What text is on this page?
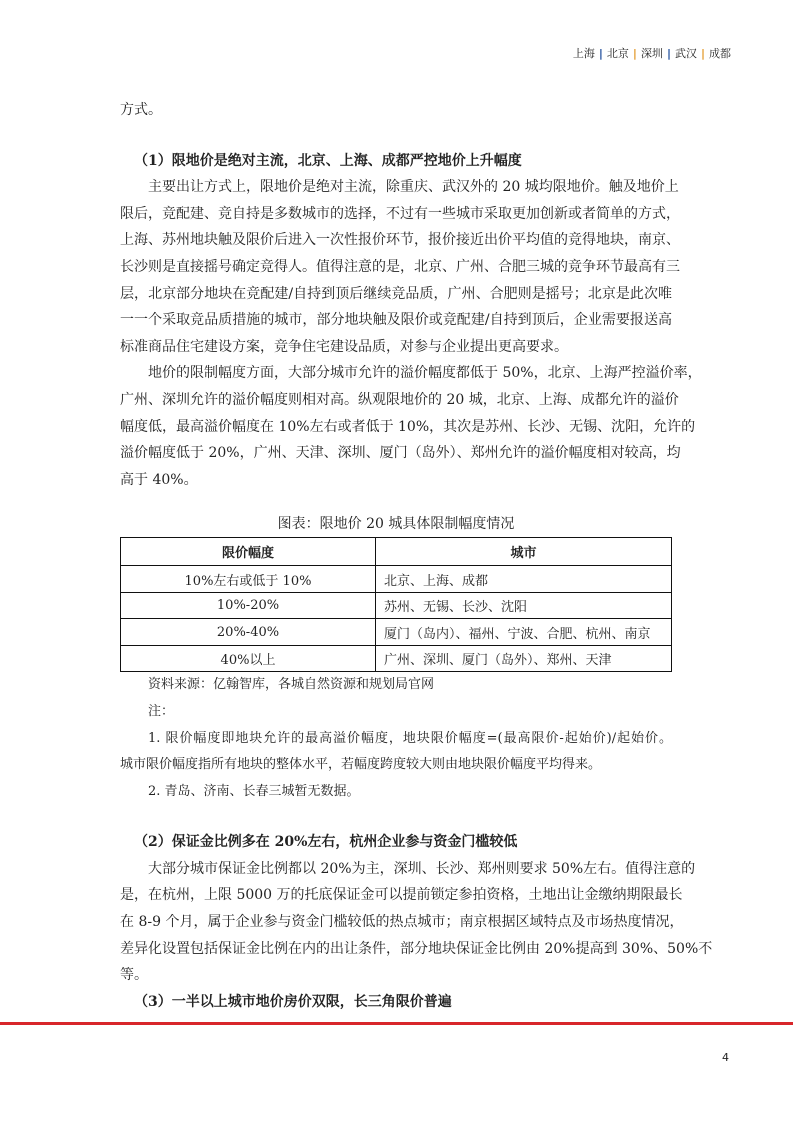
上海 | 北京 | 深圳 | 武汉 | 成都
方式。
（1）限地价是绝对主流，北京、上海、成都严控地价上升幅度
主要出让方式上，限地价是绝对主流，除重庆、武汉外的 20 城均限地价。触及地价上
限后，竞配建、竞自持是多数城市的选择，不过有一些城市采取更加创新或者简单的方式，
上海、苏州地块触及限价后进入一次性报价环节，报价接近出价平均值的竞得地块，南京、
长沙则是直接摇号确定竞得人。值得注意的是，北京、广州、合肥三城的竞争环节最高有三
层，北京部分地块在竞配建/自持到顶后继续竞品质，广州、合肥则是摇号；北京是此次唯
一一个采取竞品质措施的城市，部分地块触及限价或竞配建/自持到顶后，企业需要报送高
标准商品住宅建设方案，竞争住宅建设品质，对参与企业提出更高要求。
地价的限制幅度方面，大部分城市允许的溢价幅度都低于 50%，北京、上海严控溢价率，
广州、深圳允许的溢价幅度则相对高。纵观限地价的 20 城，北京、上海、成都允许的溢价
幅度低，最高溢价幅度在 10%左右或者低于 10%，其次是苏州、长沙、无锡、沈阳，允许的
溢价幅度低于 20%，广州、天津、深圳、厦门（岛外）、郑州允许的溢价幅度相对较高，均
高于 40%。
图表：限地价 20 城具体限制幅度情况
限价幅度	城市
10%左右或低于 10%	北京、上海、成都
10%-20%	苏州、无锡、长沙、沈阳
20%-40%	厦门（岛内）、福州、宁波、合肥、杭州、南京
40%以上	广州、深圳、厦门（岛外）、郑州、天津
资料来源：亿翰智库，各城自然资源和规划局官网
注：
1. 限价幅度即地块允许的最高溢价幅度，地块限价幅度=(最高限价-起始价)/起始价。
城市限价幅度指所有地块的整体水平，若幅度跨度较大则由地块限价幅度平均得来。
2. 青岛、济南、长春三城暂无数据。
（2）保证金比例多在 20%左右，杭州企业参与资金门槛较低
大部分城市保证金比例都以 20%为主，深圳、长沙、郑州则要求 50%左右。值得注意的
是，在杭州，上限 5000 万的托底保证金可以提前锁定参拍资格，土地出让金缴纳期限最长
在 8-9 个月，属于企业参与资金门槛较低的热点城市；南京根据区域特点及市场热度情况，
差异化设置包括保证金比例在内的出让条件，部分地块保证金比例由 20%提高到 30%、50%不
等。
（3）一半以上城市地价房价双限，长三角限价普遍
4
